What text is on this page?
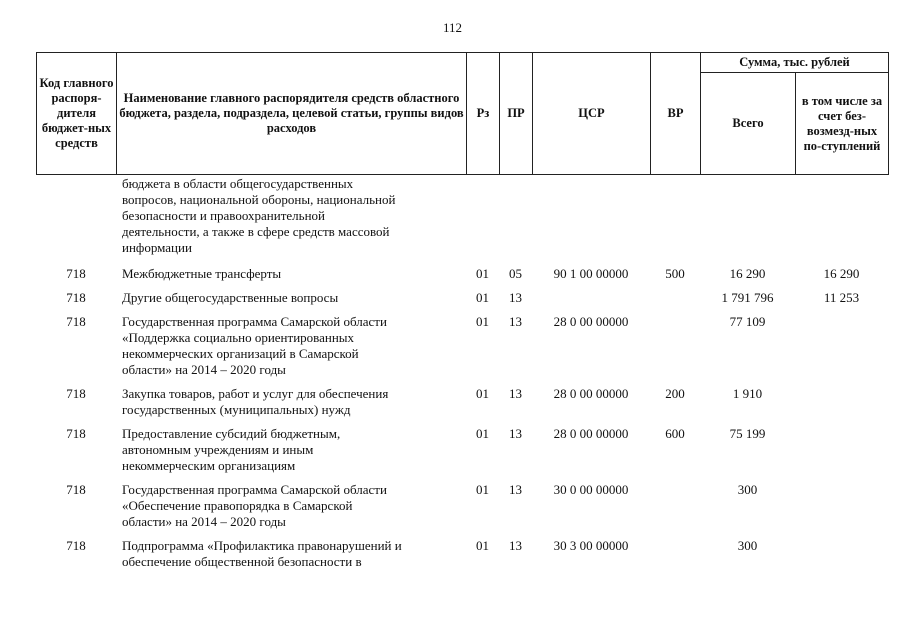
112
Код главного распоря-дителя бюджет-ных средств	Наименование главного распорядителя средств областного бюджета, раздела, подраздела, целевой статьи, группы видов расходов	Рз	ПР	ЦСР	ВР	Сумма, тыс. рублей	
						Всего	в том числе за счет без-возмезд-ных по-ступлений

	бюджета в области общегосударственных
вопросов, национальной обороны, национальной
безопасности и правоохранительной
деятельности, а также в сфере средств массовой
информации						

718	Межбюджетные трансферты	01	05	90 1 00 00000	500	16 290	16 290
718	Другие общегосударственные вопросы	01	13			1 791 796	11 253
718	Государственная программа Самарской области
«Поддержка социально ориентированных
некоммерческих организаций в Самарской
области» на 2014 – 2020 годы	01	13	28 0 00 00000		77 109	
718	Закупка товаров, работ и услуг для обеспечения
государственных (муниципальных) нужд	01	13	28 0 00 00000	200	1 910	
718	Предоставление субсидий бюджетным,
автономным учреждениям и иным
некоммерческим организациям	01	13	28 0 00 00000	600	75 199	
718	Государственная программа Самарской области
«Обеспечение правопорядка в Самарской
области» на 2014 – 2020 годы	01	13	30 0 00 00000		300	
718	Подпрограмма «Профилактика правонарушений и
обеспечение общественной безопасности в	01	13	30 3 00 00000		300	
